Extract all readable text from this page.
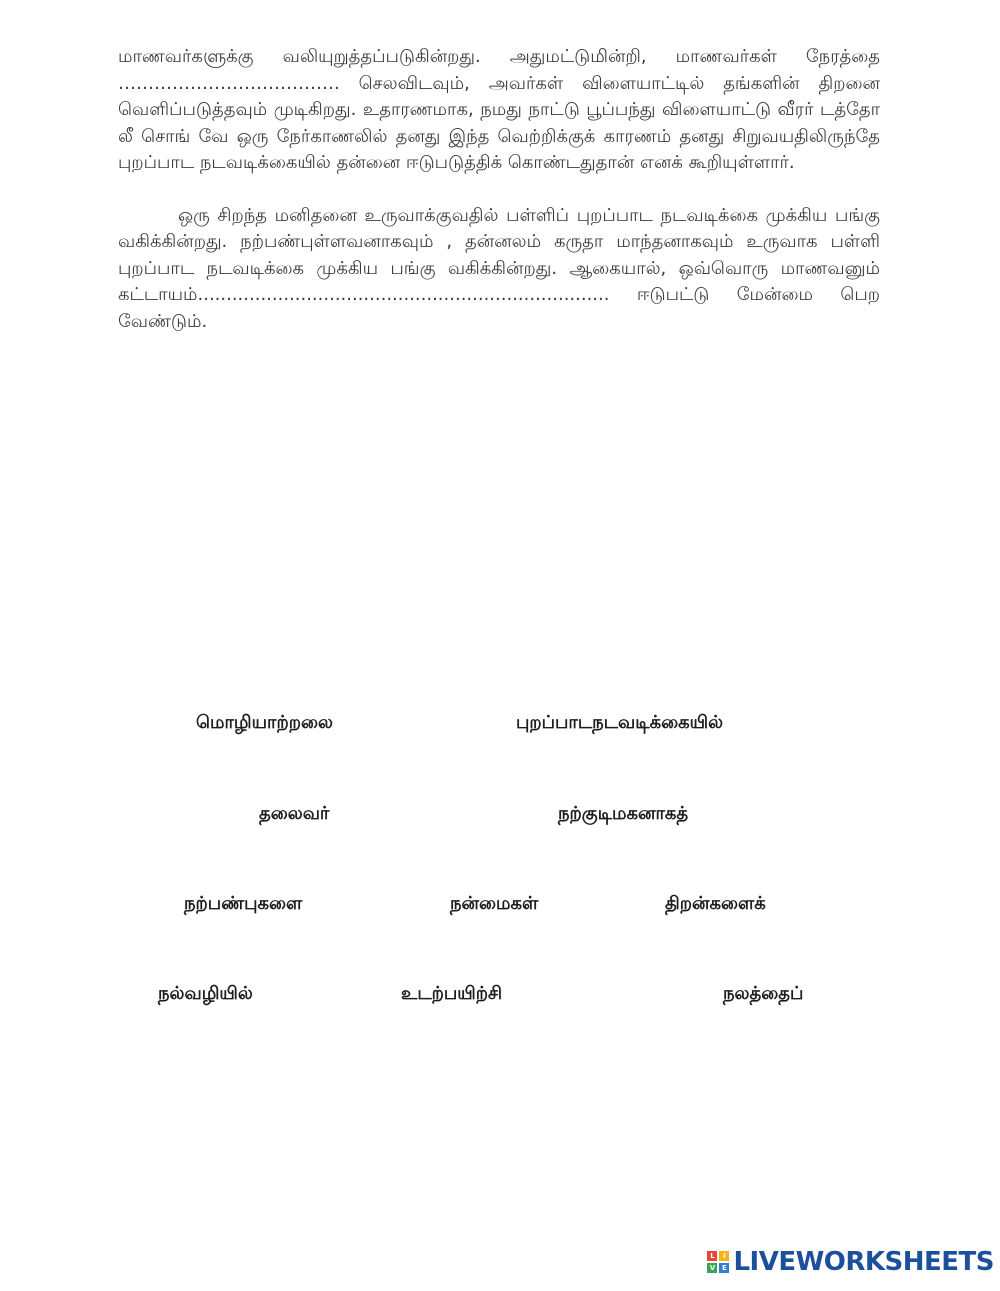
மாணவர்களுக்கு வலியுறுத்தப்படுகின்றது. அதுமட்டுமின்றி, மாணவர்கள் நேரத்தை ………………………………. செலவிடவும், அவர்கள் விளையாட்டில் தங்களின் திறனை வெளிப்படுத்தவும் முடிகிறது. உதாரணமாக, நமது நாட்டு பூப்பந்து விளையாட்டு வீரர் டத்தோ லீ சொங் வே ஒரு நேர்காணலில் தனது இந்த வெற்றிக்குக் காரணம் தனது சிறுவயதிலிருந்தே புறப்பாட நடவடிக்கையில் தன்னை ஈடுபடுத்திக் கொண்டதுதான் எனக் கூறியுள்ளார்.

ஒரு சிறந்த மனிதனை உருவாக்குவதில் பள்ளிப் புறப்பாட நடவடிக்கை முக்கிய பங்கு வகிக்கின்றது. நற்பண்புள்ளவனாகவும் , தன்னலம் கருதா மாந்தனாகவும் உருவாக பள்ளி புறப்பாட நடவடிக்கை முக்கிய பங்கு வகிக்கின்றது. ஆகையால், ஒவ்வொரு மாணவனும் கட்டாயம்........................................................................ ஈடுபட்டு மேன்மை பெற வேண்டும்.

மொழியாற்றலை	புறப்பாடநடவடிக்கையில்
தலைவர்	நற்குடிமகனாகத்
நற்பண்புகளை	நன்மைகள்	திறன்களைக்
நல்வழியில்	உடற்பயிற்சி	நலத்தைப்
L	I
V E LIVEWORKSHEETS
